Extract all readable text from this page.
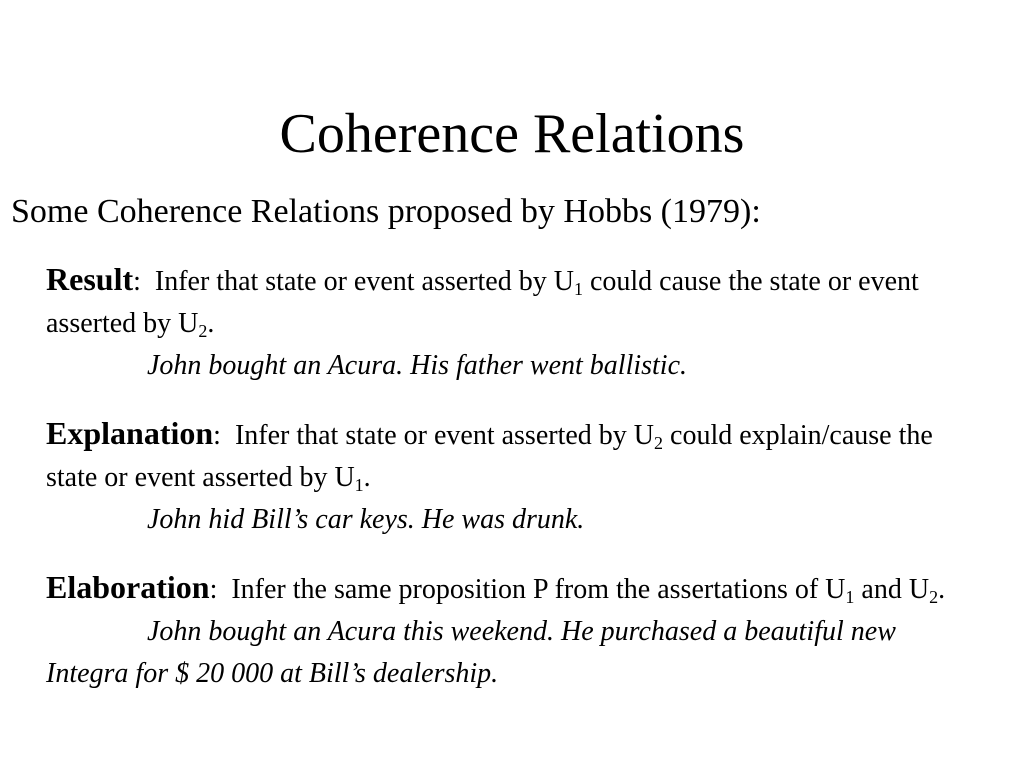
Coherence Relations

Some Coherence Relations proposed by Hobbs (1979):

Result: Infer that state or event asserted by $U_1$ could cause the state or event asserted by $U_2$.

John bought an Acura. His father went ballistic.

Explanation: Infer that state or event asserted by $U_2$ could explain/cause the state or event asserted by $U_1$.

John hid Bill’s car keys. He was drunk.

Elaboration: Infer the same proposition P from the assertations of $U_1$ and $U_2$.

John bought an Acura this weekend. He purchased a beautiful new Integra for $ 20 000 at Bill’s dealership.
